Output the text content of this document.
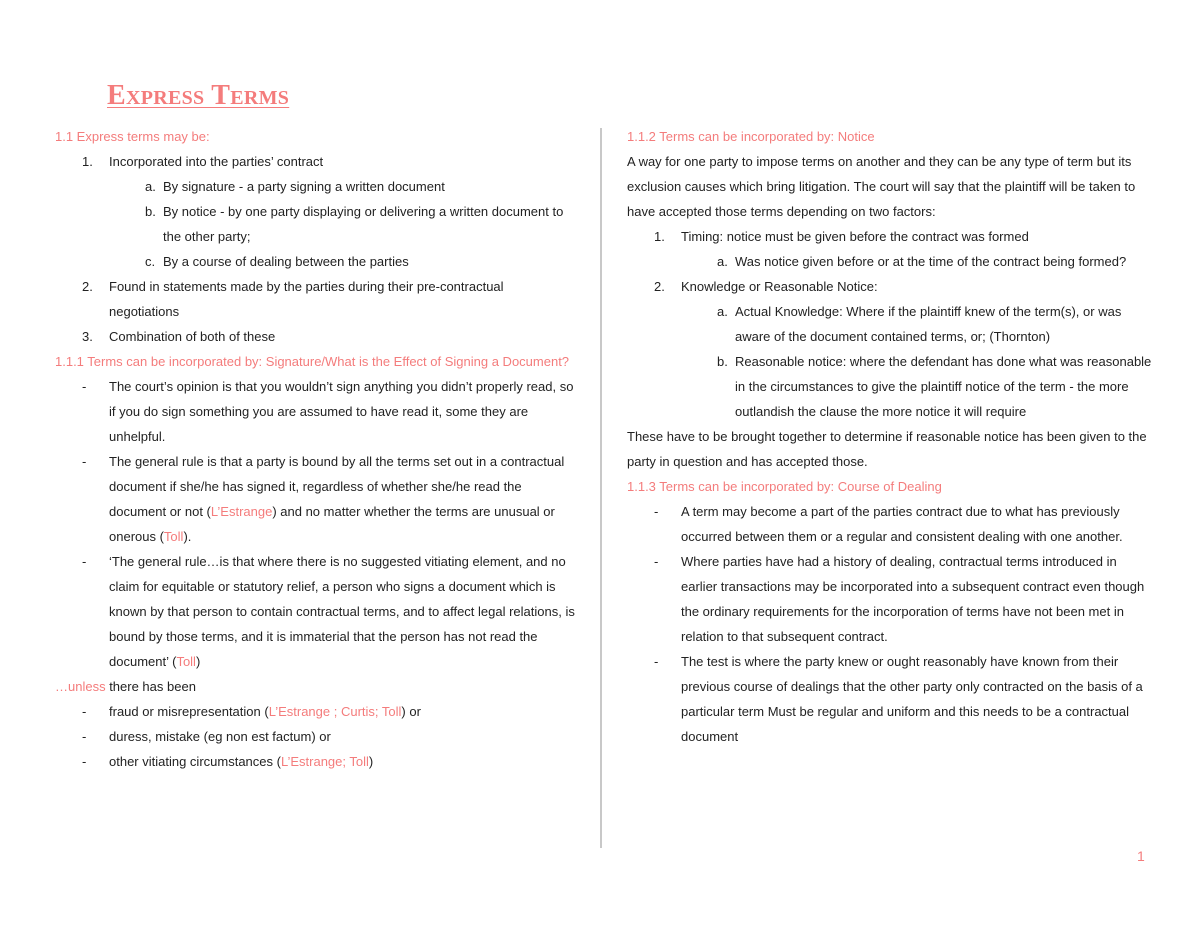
Express Terms

1.1 Express terms may be:

1.	Incorporated into the parties’ contract
a. By signature - a party signing a written document
b. By notice - by one party displaying or delivering a written document to the other party;
c. By a course of dealing between the parties
2.	Found in statements made by the parties during their pre-contractual negotiations
3.	Combination of both of these

1.1.1 Terms can be incorporated by: Signature/What is the Effect of Signing a Document?

-	The court’s opinion is that you wouldn’t sign anything you didn’t properly read, so if you do sign something you are assumed to have read it, some they are unhelpful.
-	The general rule is that a party is bound by all the terms set out in a contractual document if she/he has signed it, regardless of whether she/he read the document or not (L’Estrange) and no matter whether the terms are unusual or onerous (Toll).
-	‘The general rule…is that where there is no suggested vitiating element, and no claim for equitable or statutory relief, a person who signs a document which is known by that person to contain contractual terms, and to affect legal relations, is bound by those terms, and it is immaterial that the person has not read the document’ (Toll)

…unless there has been

-	fraud or misrepresentation (L’Estrange ; Curtis; Toll) or
-	duress, mistake (eg non est factum) or
-	other vitiating circumstances (L’Estrange; Toll)

1.1.2 Terms can be incorporated by: Notice

A way for one party to impose terms on another and they can be any type of term but its exclusion causes which bring litigation. The court will say that the plaintiff will be taken to have accepted those terms depending on two factors:

1.	Timing: notice must be given before the contract was formed
a. Was notice given before or at the time of the contract being formed?
2.	Knowledge or Reasonable Notice:
a. Actual Knowledge: Where if the plaintiff knew of the term(s), or was aware of the document contained terms, or; (Thornton)
b. Reasonable notice: where the defendant has done what was reasonable in the circumstances to give the plaintiff notice of the term - the more outlandish the clause the more notice it will require

These have to be brought together to determine if reasonable notice has been given to the party in question and has accepted those.

1.1.3 Terms can be incorporated by: Course of Dealing

-	A term may become a part of the parties contract due to what has previously occurred between them or a regular and consistent dealing with one another.
-	Where parties have had a history of dealing, contractual terms introduced in earlier transactions may be incorporated into a subsequent contract even though the ordinary requirements for the incorporation of terms have not been met in relation to that subsequent contract.
-	The test is where the party knew or ought reasonably have known from their previous course of dealings that the other party only contracted on the basis of a particular term Must be regular and uniform and this needs to be a contractual document
1
